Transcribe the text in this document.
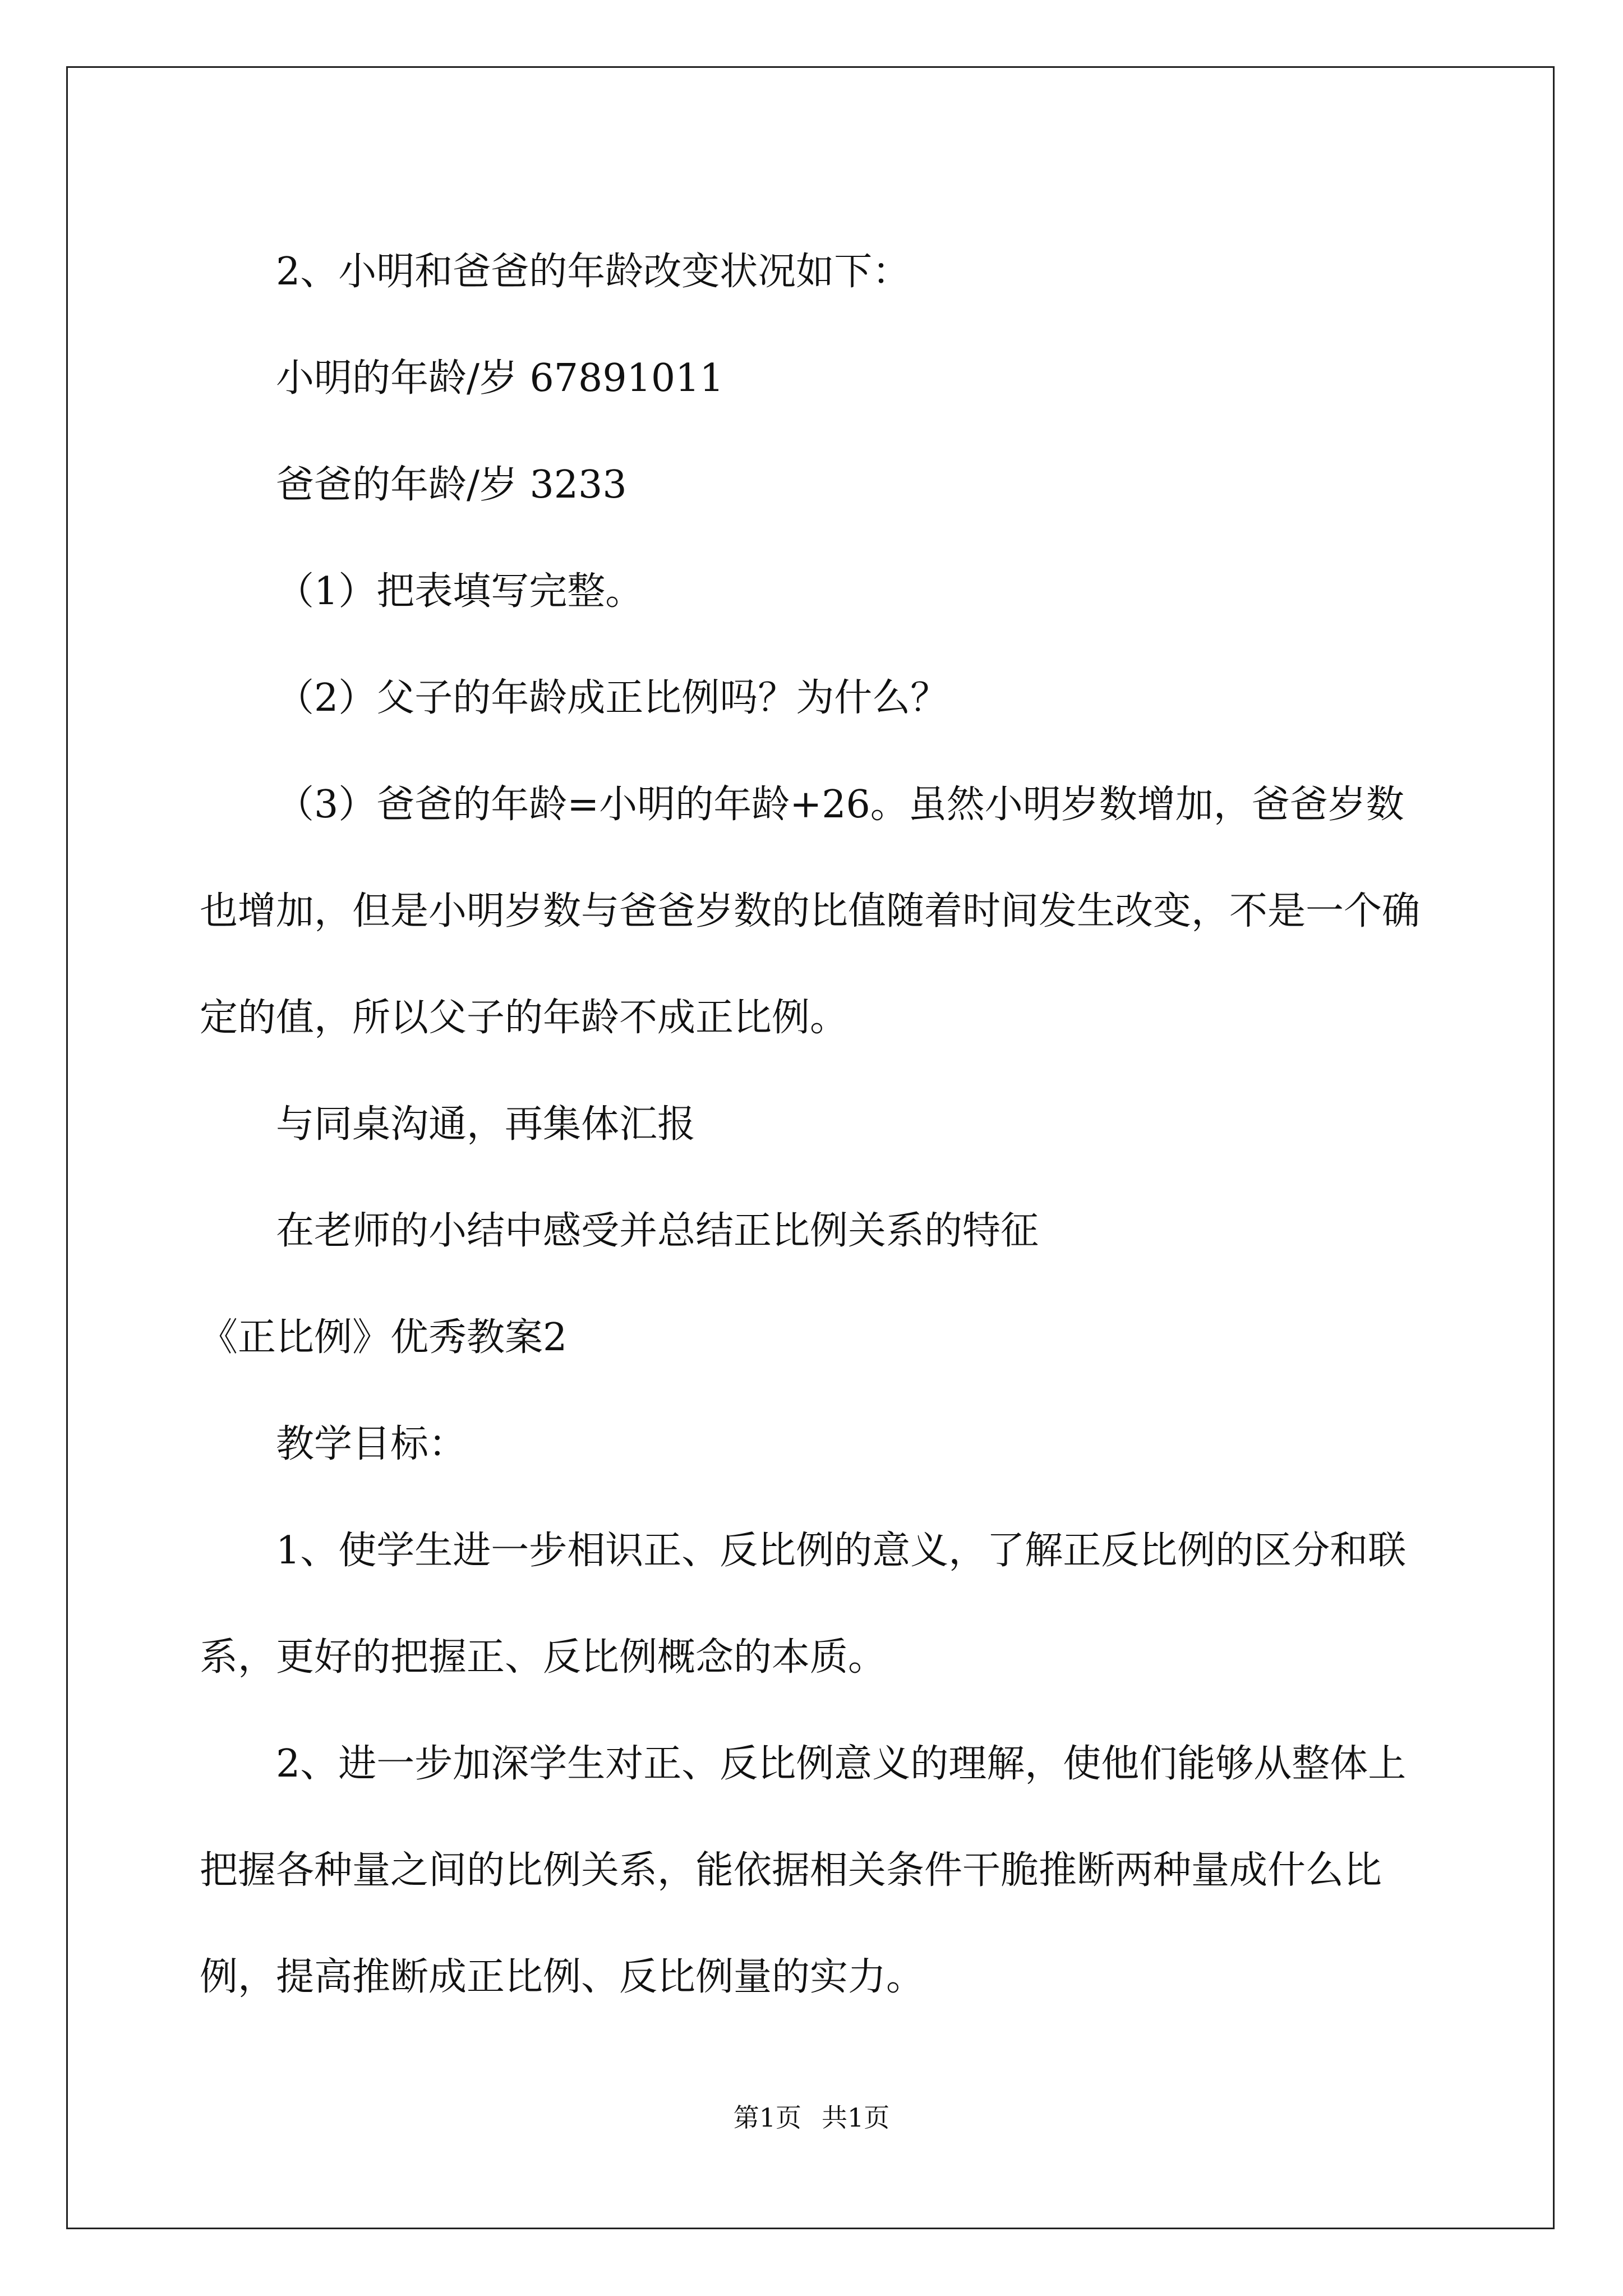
2、小明和爸爸的年龄改变状况如下：

小明的年龄/岁 67891011

爸爸的年龄/岁 3233

（1）把表填写完整。

（2）父子的年龄成正比例吗？为什么？

（3）爸爸的年龄=小明的年龄+26。虽然小明岁数增加，爸爸岁数也增加，但是小明岁数与爸爸岁数的比值随着时间发生改变，不是一个确定的值，所以父子的年龄不成正比例。

与同桌沟通，再集体汇报

在老师的小结中感受并总结正比例关系的特征

《正比例》优秀教案2

教学目标：

1、使学生进一步相识正、反比例的意义，了解正反比例的区分和联系，更好的把握正、反比例概念的本质。

2、进一步加深学生对正、反比例意义的理解，使他们能够从整体上把握各种量之间的比例关系，能依据相关条件干脆推断两种量成什么比例，提高推断成正比例、反比例量的实力。

第1页 共1页
